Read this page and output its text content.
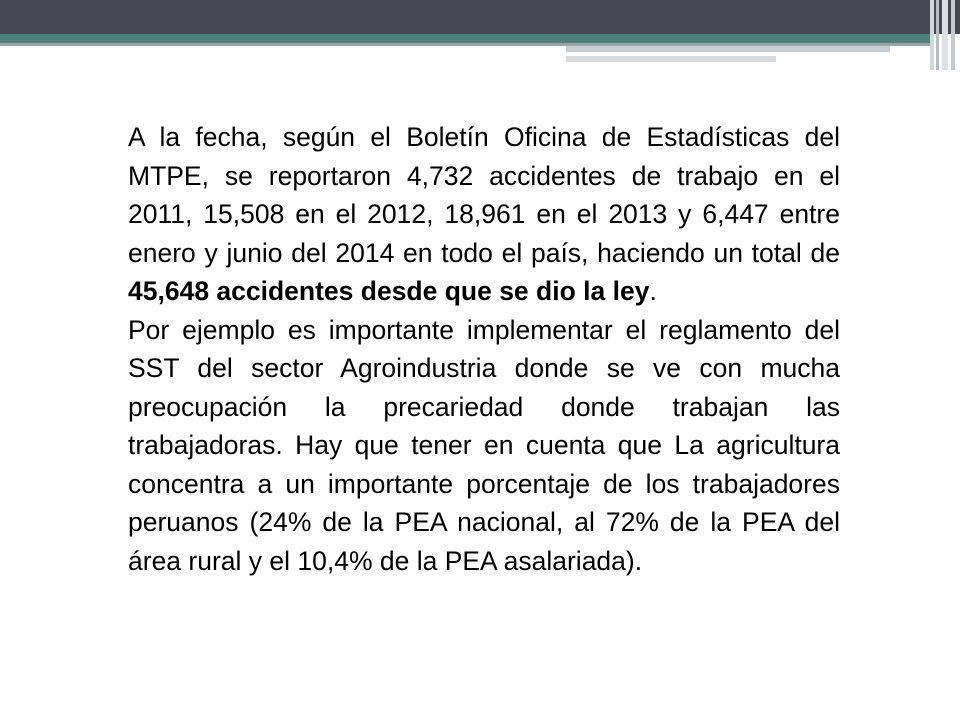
A la fecha, según el Boletín Oficina de Estadísticas del MTPE, se reportaron 4,732 accidentes de trabajo en el 2011, 15,508 en el 2012, 18,961 en el 2013 y 6,447 entre enero y junio del 2014 en todo el país, haciendo un total de 45,648 accidentes desde que se dio la ley.

Por ejemplo es importante implementar el reglamento del SST del sector Agroindustria donde se ve con mucha preocupación la precariedad donde trabajan las trabajadoras. Hay que tener en cuenta que La agricultura concentra a un importante porcentaje de los trabajadores peruanos (24% de la PEA nacional, al 72% de la PEA del área rural y el 10,4% de la PEA asalariada).
